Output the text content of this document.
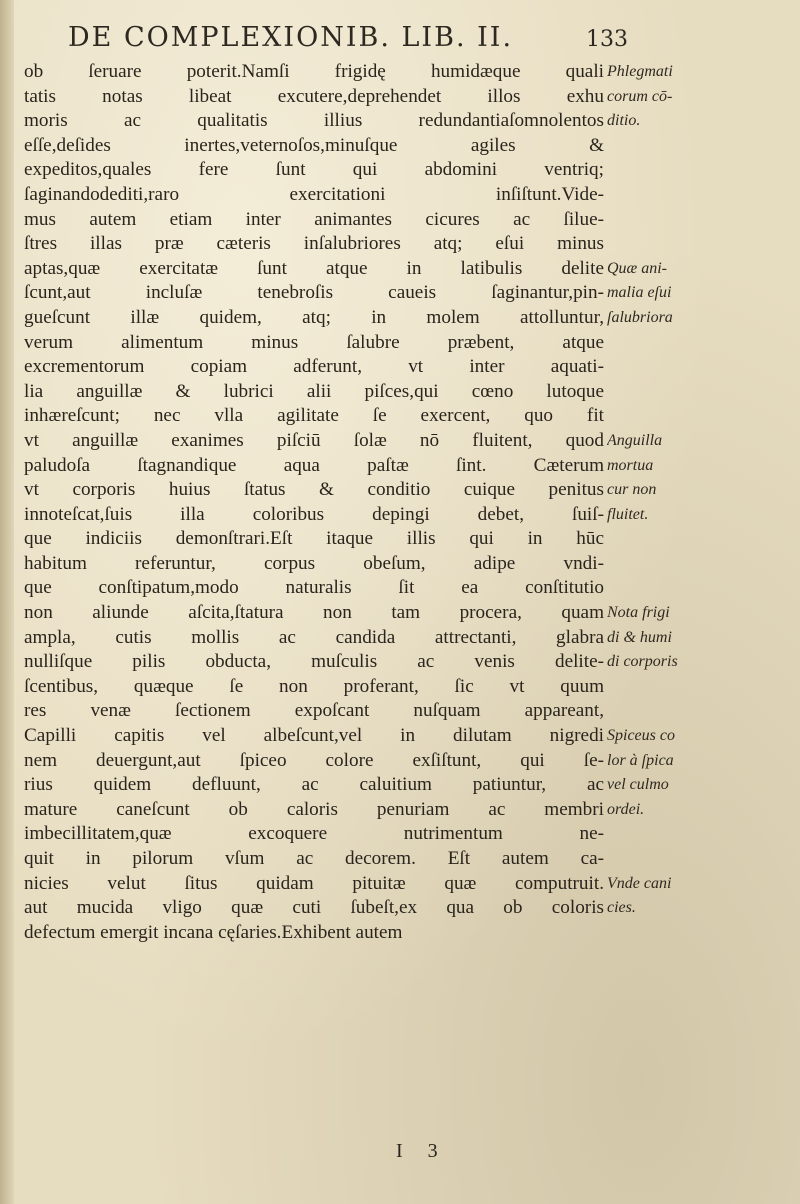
DE COMPLEXIONIB. LIB. II.	133
ob ſeruare poterit.Namſi frigidę humidæque quali
tatis notas libeat excutere,deprehendet illos exhu
moris ac qualitatis illius redundantiaſomnolentos
eſſe,deſides inertes,veternoſos,minuſque agiles &
expeditos,quales fere ſunt qui abdomini ventriq;
ſaginandodediti,raro exercitationi inſiſtunt.Vide-
mus autem etiam inter animantes cicures ac ſilue-
ſtres illas præ cæteris inſalubriores atq; eſui minus
aptas,quæ exercitatæ ſunt atque in latibulis delite
ſcunt,aut incluſæ tenebroſis caueis ſaginantur,pin-
gueſcunt illæ quidem, atq; in molem attolluntur,
verum alimentum minus ſalubre præbent, atque
excrementorum copiam adferunt, vt inter aquati-
lia anguillæ & lubrici alii piſces,qui cœno lutoque
inhæreſcunt; nec vlla agilitate ſe exercent, quo fit
vt anguillæ exanimes piſciū ſolæ nō fluitent, quod
paludoſa ſtagnandique aqua paſtæ ſint. Cæterum
vt corporis huius ſtatus & conditio cuique penitus
innoteſcat,ſuis illa coloribus depingi debet, ſuiſ-
que indiciis demonſtrari.Eſt itaque illis qui in hūc
habitum referuntur, corpus obeſum, adipe vndi-
que conſtipatum,modo naturalis ſit ea conſtitutio
non aliunde aſcita,ſtatura non tam procera, quam
ampla, cutis mollis ac candida attrectanti, glabra
nulliſque pilis obducta, muſculis ac venis delite-
ſcentibus, quæque ſe non proferant, ſic vt quum
res venæ ſectionem expoſcant nuſquam appareant,
Capilli capitis vel albeſcunt,vel in dilutam nigredi
nem deuergunt,aut ſpiceo colore exſiſtunt, qui ſe-
rius quidem defluunt, ac caluitium patiuntur, ac
mature caneſcunt ob caloris penuriam ac membri
imbecillitatem,quæ excoquere nutrimentum ne-
quit in pilorum vſum ac decorem. Eſt autem ca-
nicies velut ſitus quidam pituitæ quæ computruit.
aut mucida vligo quæ cuti ſubeſt,ex qua ob coloris
defectum emergit incana cęſaries.Exhibent autem
Phlegmati
corum cō-
ditio.
Quæ ani-
malia eſui
ſalubriora
Anguilla
mortua
cur non
fluitet.
Nota frigi
di & humi
di corporis
Spiceus co
lor à ſpica
vel culmo
ordei.
Vnde cani
cies.
I 3
